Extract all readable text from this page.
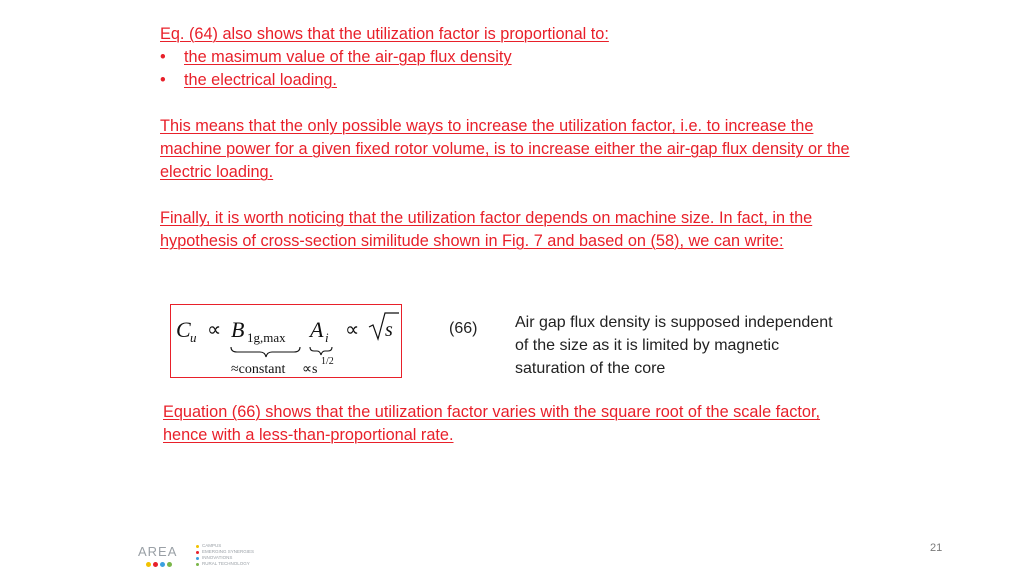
Eq. (64) also shows that the utilization factor is proportional to:
•	the masimum value of the air-gap flux density
•	the electrical loading.
This means that the only possible ways to increase the utilization factor, i.e. to increase the machine power for a given fixed rotor volume, is to increase either the air-gap flux density or the electric loading.
Finally, it is worth noticing that the utilization factor depends on machine size. In fact, in the hypothesis of cross-section similitude shown in Fig. 7 and based on (58), we can write:
C u ∝ B 1g,max A i ∝ s
≈constant ∝s
1/2
(66) Air gap flux density is supposed independent of the size as it is limited by magnetic saturation of the core
Equation (66) shows that the utilization factor varies with the square root of the scale factor, hence with a less-than-proportional rate.
AREA	CAMPUS
EMERGING SYNERGIES
INNOVATIONS
RURAL TECHNOLOGY
21
